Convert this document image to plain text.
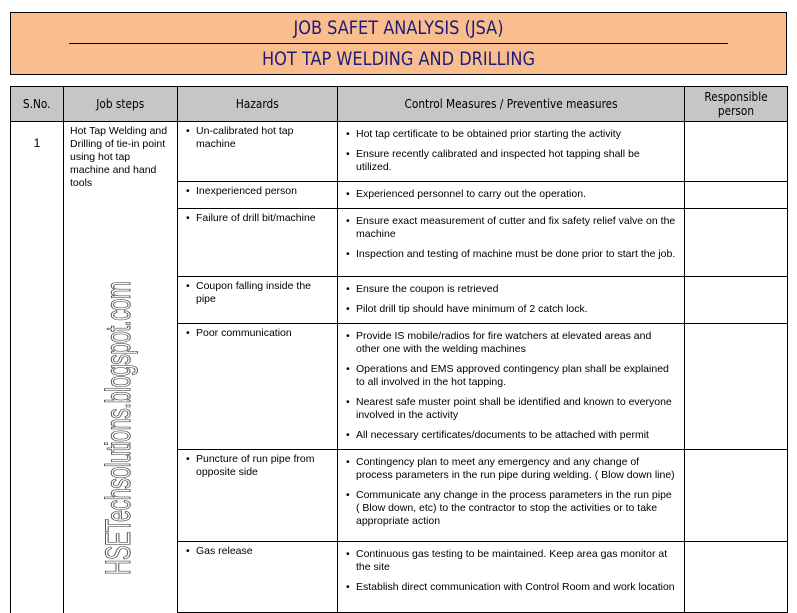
JOB SAFET ANALYSIS (JSA)
HOT TAP WELDING AND DRILLING
S.No.	Job steps	Hazards	Control Measures / Preventive measures	Responsible person
1	Hot Tap Welding and Drilling of tie-in point using hot tap machine and hand tools	
• Un-calibrated hot tap machine

• Hot tap certificate to be obtained prior starting the activity
• Ensure recently calibrated and inspected hot tapping shall be utilized.

• Inexperienced person

•Experienced personnel to carry out the operation.

• Failure of drill bit/machine

•Ensure exact measurement of cutter and fix safety relief valve on the machine
• Inspection and testing of machine must be done prior to start the job.

• Coupon falling inside the pipe

• Ensure the coupon is retrieved
• Pilot drill tip should have minimum of 2 catch lock.

• Poor communication

•Provide IS mobile/radios for fire watchers at elevated areas and other one with the welding machines
• Operations and EMS approved contingency plan shall be explained to all involved in the hot tapping.
• Nearest safe muster point shall be identified and known to everyone involved in the activity
• All necessary certificates/documents to be attached with permit

• Puncture of run pipe from opposite side

• Contingency plan to meet any emergency and any change of process parameters in the run pipe during welding. ( Blow down line)
• Communicate any change in the process parameters in the run pipe ( Blow down, etc) to the contractor to stop the activities or to take appropriate action

• Gas release

•Continuous gas testing to be maintained. Keep area gas monitor at the site
• Establish direct communication with Control Room and work location

HSETechsolutions.blogspot.com
